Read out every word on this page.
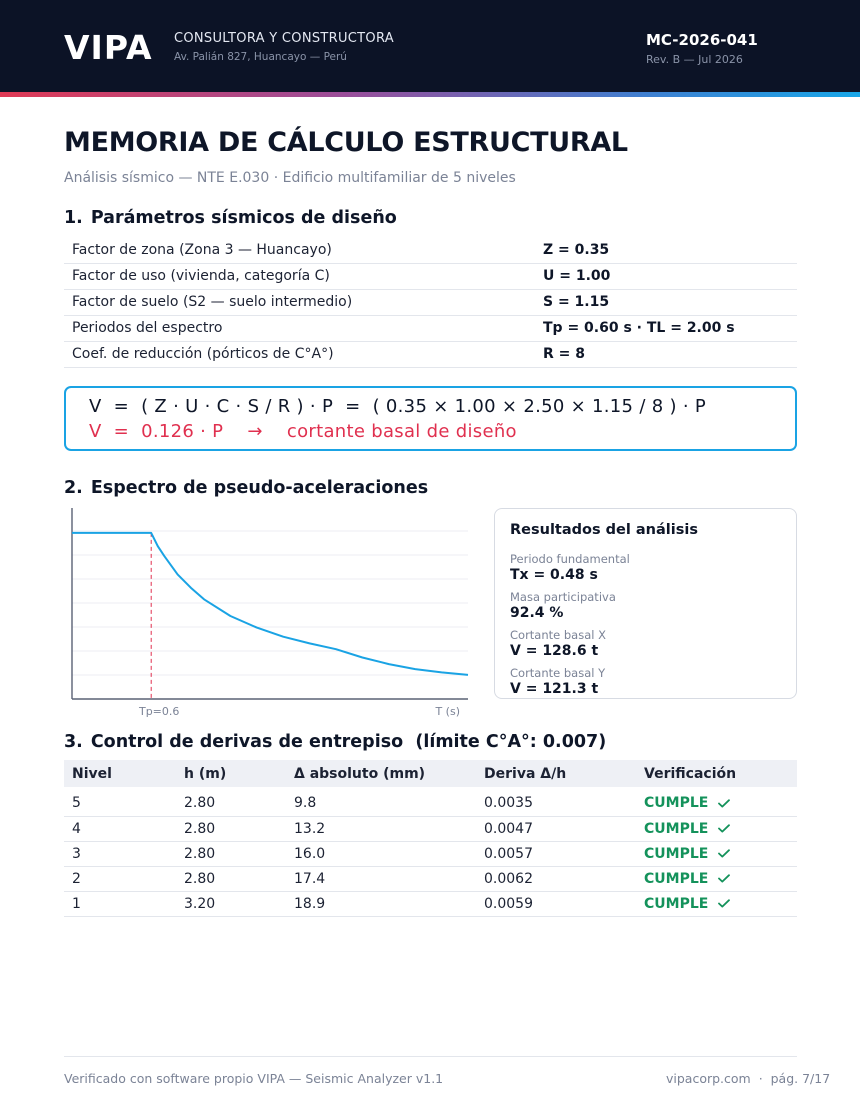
VIPA CONSULTORA Y CONSTRUCTORA
Av. Palián 827, Huancayo — Perú
MC-2026-041
Rev. B — Jul 2026
MEMORIA DE CÁLCULO ESTRUCTURAL
Análisis sísmico — NTE E.030 · Edificio multifamiliar de 5 niveles
1. Parámetros sísmicos de diseño
Factor de zona (Zona 3 — Huancayo)	Z = 0.35
Factor de uso (vivienda, categoría C)	U = 1.00
Factor de suelo (S2 — suelo intermedio)	S = 1.15
Periodos del espectro	Tp = 0.60 s · TL = 2.00 s
Coef. de reducción (pórticos de C°A°)	R = 8
V  =  ( Z · U · C · S / R ) · P  =  ( 0.35 × 1.00 × 2.50 × 1.15 / 8 ) · P
V  =  0.126 · P    →    cortante basal de diseño
2. Espectro de pseudo-aceleraciones
Tp=0.6	T (s)
Resultados del análisis
Periodo fundamental
Tx = 0.48 s
Masa participativa
92.4 %
Cortante basal X
V = 128.6 t
Cortante basal Y
V = 121.3 t
3. Control de derivas de entrepiso  (límite C°A°: 0.007)
Nivel	h (m)	Δ absoluto (mm)	Deriva Δ/h	Verificación
5	2.80	9.8	0.0035	CUMPLE
4	2.80	13.2	0.0047	CUMPLE
3	2.80	16.0	0.0057	CUMPLE
2	2.80	17.4	0.0062	CUMPLE
1	3.20	18.9	0.0059	CUMPLE
Verificado con software propio VIPA — Seismic Analyzer v1.1	vipacorp.com · pág. 7/17
